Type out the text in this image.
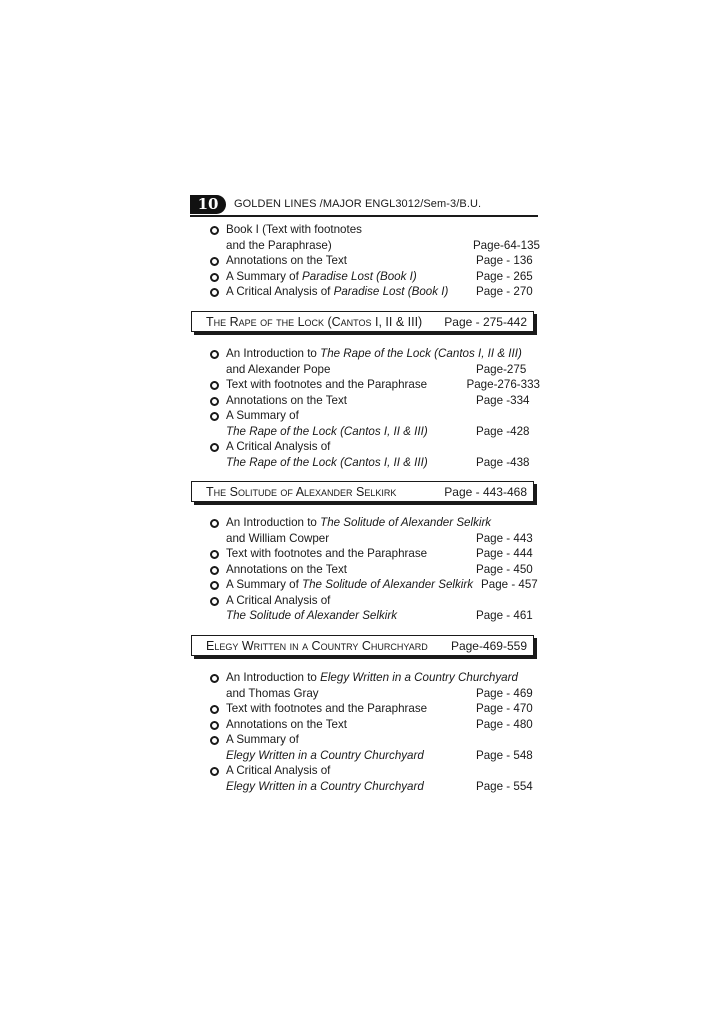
10	GOLDEN LINES /MAJOR ENGL3012/Sem-3/B.U.
Book I (Text with footnotes
and the Paraphrase)	Page-64-135
Annotations on the Text	Page - 136
A Summary of Paradise Lost (Book I)	Page - 265
A Critical Analysis of Paradise Lost (Book I)	Page - 270
The Rape of the Lock (Cantos I, II & III)	Page - 275-442
An Introduction to The Rape of the Lock (Cantos I, II & III)
and Alexander Pope	Page-275
Text with footnotes and the Paraphrase	Page-276-333
Annotations on the Text	Page -334
A Summary of
The Rape of the Lock (Cantos I, II & III)	Page -428
A Critical Analysis of
The Rape of the Lock (Cantos I, II & III)	Page -438
The Solitude of Alexander Selkirk	Page - 443-468
An Introduction to The Solitude of Alexander Selkirk
and William Cowper	Page - 443
Text with footnotes and the Paraphrase	Page - 444
Annotations on the Text	Page - 450
A Summary of The Solitude of Alexander Selkirk Page - 457
A Critical Analysis of
The Solitude of Alexander Selkirk	Page - 461
Elegy Written in a Country Churchyard	Page-469-559
An Introduction to Elegy Written in a Country Churchyard
and Thomas Gray	Page - 469
Text with footnotes and the Paraphrase	Page - 470
Annotations on the Text	Page - 480
A Summary of
Elegy Written in a Country Churchyard	Page - 548
A Critical Analysis of
Elegy Written in a Country Churchyard	Page - 554
